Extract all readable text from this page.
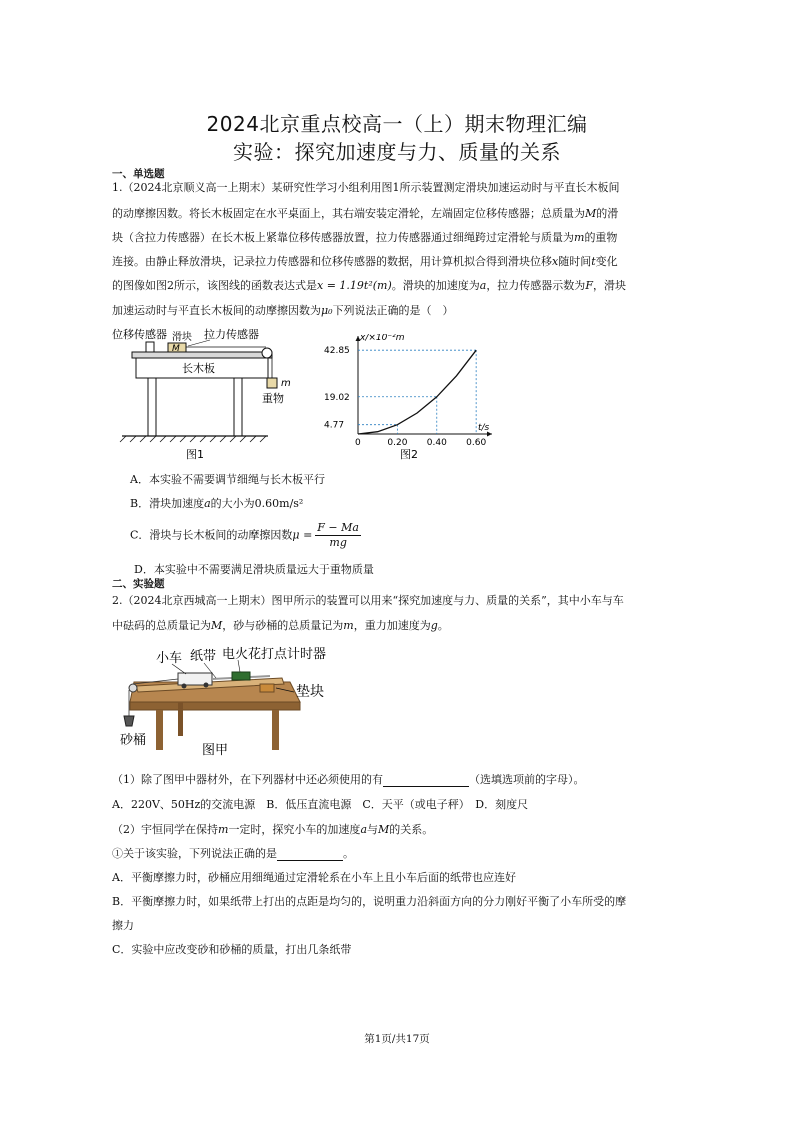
2024北京重点校高一（上）期末物理汇编
实验：探究加速度与力、质量的关系
一、单选题
1.（2024北京顺义高一上期末）某研究性学习小组利用图1所示装置测定滑块加速运动时与平直长木板间
的动摩擦因数。将长木板固定在水平桌面上，其右端安装定滑轮，左端固定位移传感器；总质量为M的滑
块（含拉力传感器）在长木板上紧靠位移传感器放置，拉力传感器通过细绳跨过定滑轮与质量为m的重物
连接。由静止释放滑块，记录拉力传感器和位移传感器的数据，用计算机拟合得到滑块位移x随时间t变化
的图像如图2所示，该图线的函数表达式是x = 1.19t²(m)。滑块的加速度为a，拉力传感器示数为F，滑块
加速运动时与平直长木板间的动摩擦因数为μ₀下列说法正确的是（　）
长木板
M
m
重物
位移传感器 滑块 拉力传感器
图1
x/×10⁻²m
t/s
0	0.20 0.40 0.60
4.77
19.02
42.85
图2
A．本实验不需要调节细绳与长木板平行
B．滑块加速度a的大小为0.60m/s²
C．滑块与长木板间的动摩擦因数$\mu = \frac{F - Ma}{mg}$
D．本实验中不需要满足滑块质量远大于重物质量
二、实验题
2.（2024北京西城高一上期末）图甲所示的装置可以用来“探究加速度与力、质量的关系”，其中小车与车
中砝码的总质量记为M，砂与砂桶的总质量记为m，重力加速度为g。
小车 纸带 电火花打点计时器
垫块
砂桶
图甲
（1）除了图甲中器材外，在下列器材中还必须使用的有	（选填选项前的字母）。
A．220V、50Hz的交流电源　B．低压直流电源　C．天平（或电子秤）　D．刻度尺
（2）宇恒同学在保持m一定时，探究小车的加速度a与M的关系。
①关于该实验，下列说法正确的是	。
A．平衡摩擦力时，砂桶应用细绳通过定滑轮系在小车上且小车后面的纸带也应连好
B．平衡摩擦力时，如果纸带上打出的点距是均匀的，说明重力沿斜面方向的分力刚好平衡了小车所受的摩
擦力
C．实验中应改变砂和砂桶的质量，打出几条纸带
第1页/共17页
